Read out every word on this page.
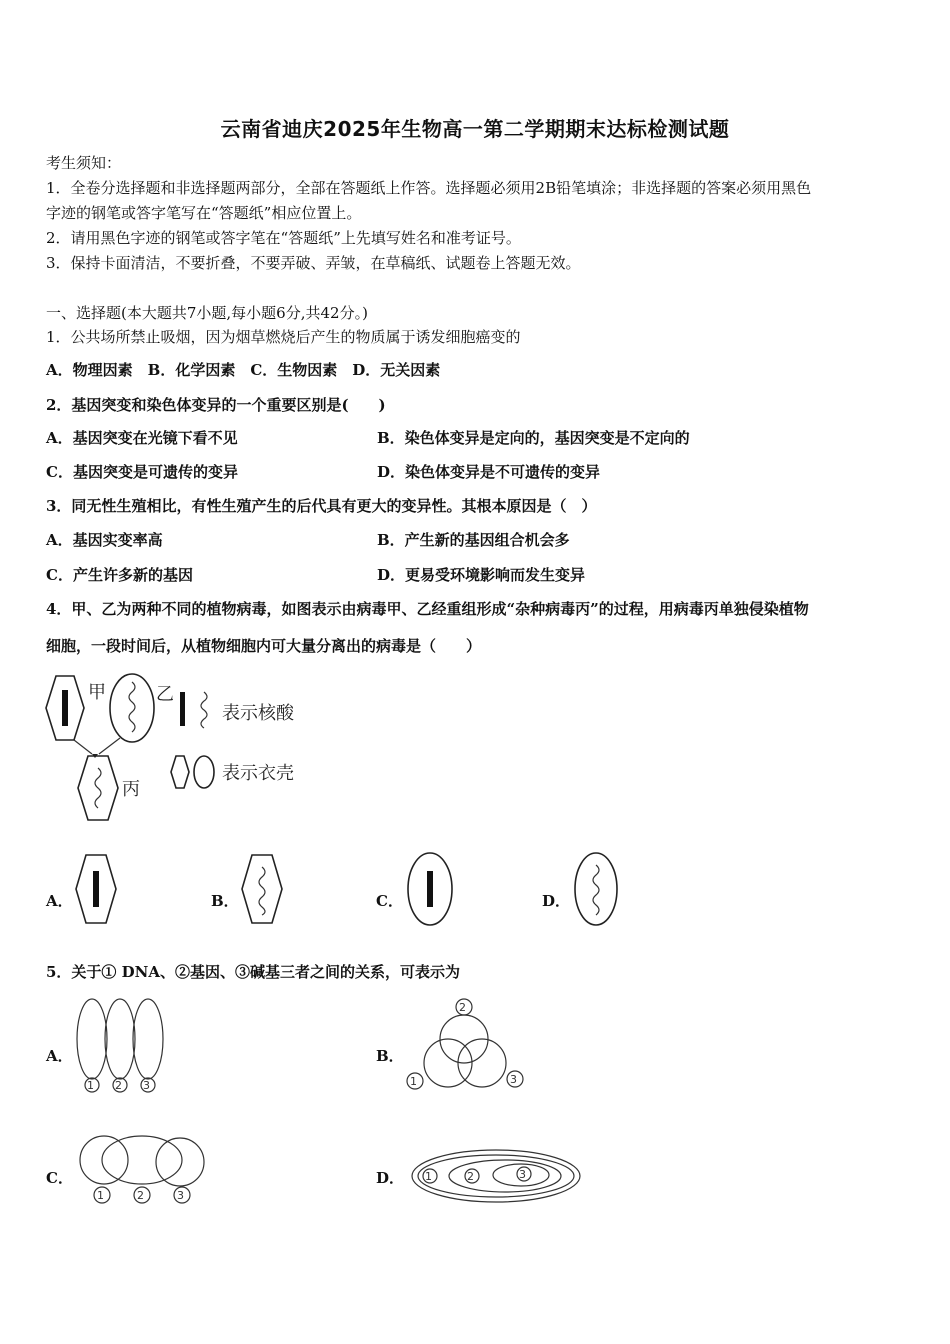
云南省迪庆2025年生物高一第二学期期末达标检测试题
考生须知：
1．全卷分选择题和非选择题两部分，全部在答题纸上作答。选择题必须用2B铅笔填涂；非选择题的答案必须用黑色
字迹的钢笔或答字笔写在“答题纸”相应位置上。
2．请用黑色字迹的钢笔或答字笔在“答题纸”上先填写姓名和准考证号。
3．保持卡面清洁，不要折叠，不要弄破、弄皱，在草稿纸、试题卷上答题无效。
一、选择题(本大题共7小题,每小题6分,共42分。)
1．公共场所禁止吸烟，因为烟草燃烧后产生的物质属于诱发细胞癌变的
A．物理因素　B．化学因素　C．生物因素　D．无关因素
2．基因突变和染色体变异的一个重要区别是(　　)
A．基因突变在光镜下看不见	B．染色体变异是定向的，基因突变是不定向的
C．基因突变是可遗传的变异	D．染色体变异是不可遗传的变异
3．同无性生殖相比，有性生殖产生的后代具有更大的变异性。其根本原因是（　）
A．基因实变率高	B．产生新的基因组合机会多
C．产生许多新的基因	D．更易受环境影响而发生变异
4．甲、乙为两种不同的植物病毒，如图表示由病毒甲、乙经重组形成“杂种病毒丙”的过程，用病毒丙单独侵染植物
细胞，一段时间后，从植物细胞内可大量分离出的病毒是（　　）
甲	乙
表示核酸
表示衣壳
丙
A．	B．	C．	D．
5．关于① DNA、②基因、③碱基三者之间的关系，可表示为
A．
1 2 3
B．
2
1	3
C．
1	2	3
D． 1	2	3
